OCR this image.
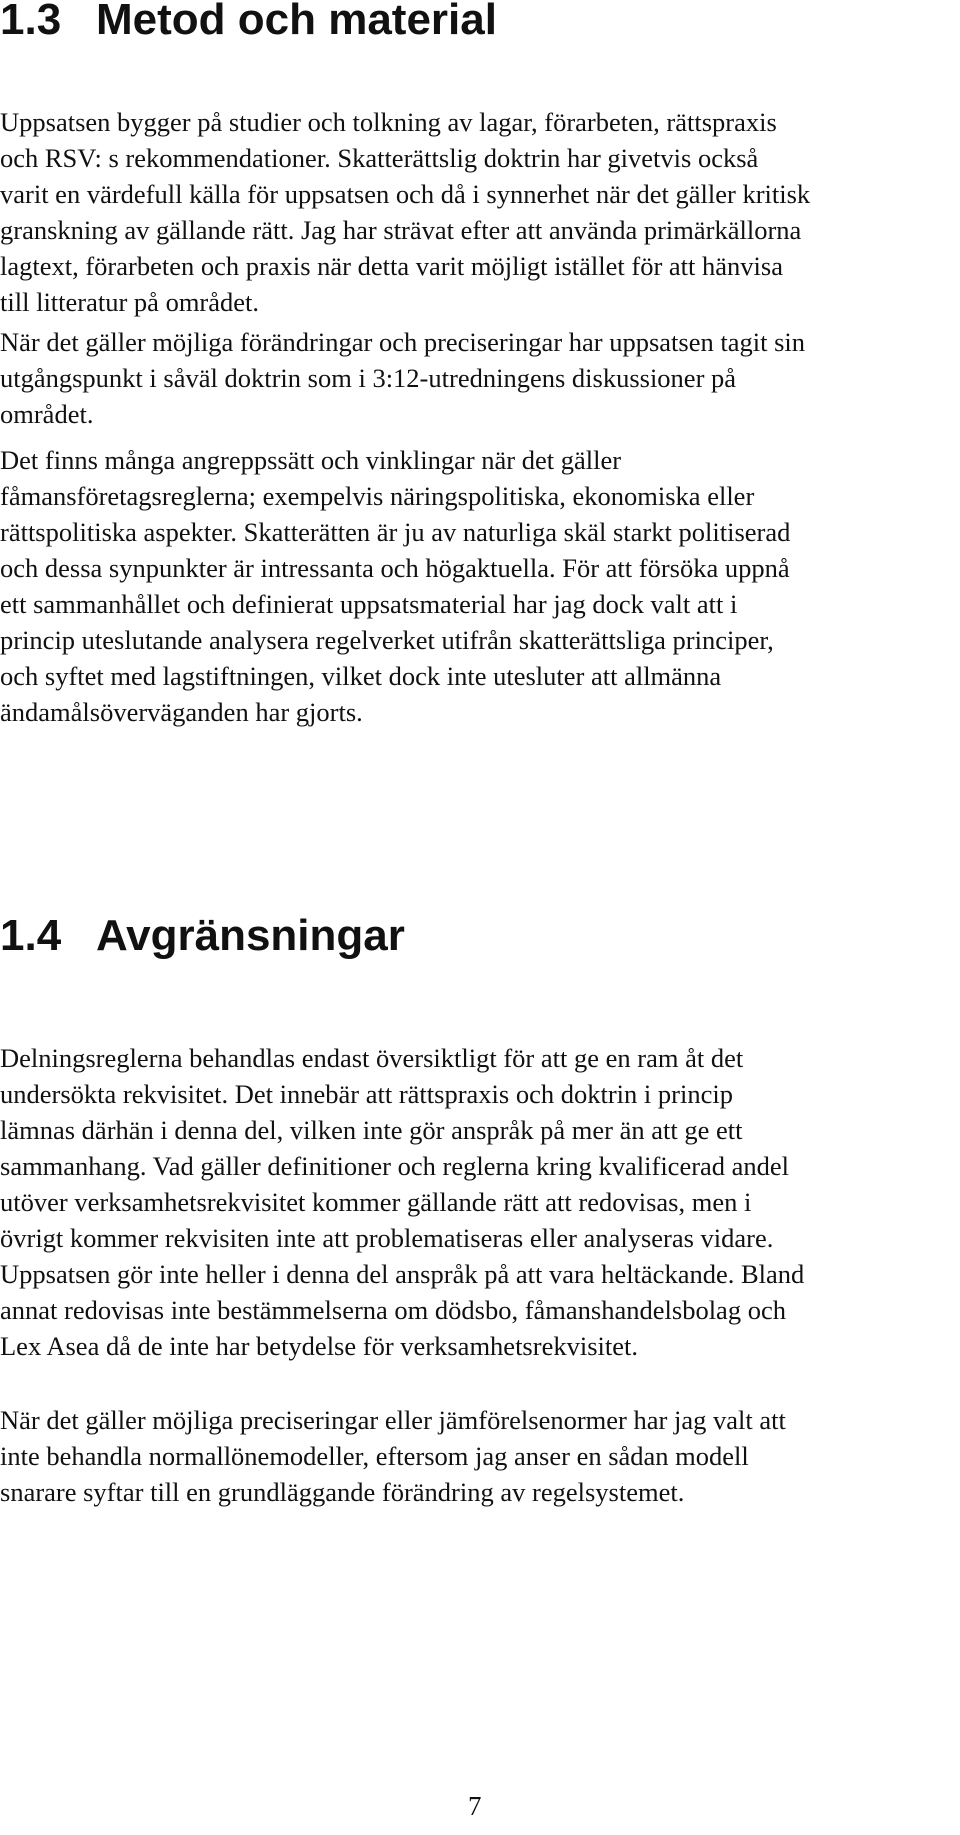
1.3 Metod och material

Uppsatsen bygger på studier och tolkning av lagar, förarbeten, rättspraxis
och RSV: s rekommendationer. Skatterättslig doktrin har givetvis också
varit en värdefull källa för uppsatsen och då i synnerhet när det gäller kritisk
granskning av gällande rätt. Jag har strävat efter att använda primärkällorna
lagtext, förarbeten och praxis när detta varit möjligt istället för att hänvisa
till litteratur på området.

När det gäller möjliga förändringar och preciseringar har uppsatsen tagit sin
utgångspunkt i såväl doktrin som i 3:12-utredningens diskussioner på
området.

Det finns många angreppssätt och vinklingar när det gäller
fåmansföretagsreglerna; exempelvis näringspolitiska, ekonomiska eller
rättspolitiska aspekter. Skatterätten är ju av naturliga skäl starkt politiserad
och dessa synpunkter är intressanta och högaktuella. För att försöka uppnå
ett sammanhållet och definierat uppsatsmaterial har jag dock valt att i
princip uteslutande analysera regelverket utifrån skatterättsliga principer,
och syftet med lagstiftningen, vilket dock inte utesluter att allmänna
ändamålsöverväganden har gjorts.

1.4 Avgränsningar

Delningsreglerna behandlas endast översiktligt för att ge en ram åt det
undersökta rekvisitet. Det innebär att rättspraxis och doktrin i princip
lämnas därhän i denna del, vilken inte gör anspråk på mer än att ge ett
sammanhang. Vad gäller definitioner och reglerna kring kvalificerad andel
utöver verksamhetsrekvisitet kommer gällande rätt att redovisas, men i
övrigt kommer rekvisiten inte att problematiseras eller analyseras vidare.
Uppsatsen gör inte heller i denna del anspråk på att vara heltäckande. Bland
annat redovisas inte bestämmelserna om dödsbo, fåmanshandelsbolag och
Lex Asea då de inte har betydelse för verksamhetsrekvisitet.

När det gäller möjliga preciseringar eller jämförelsenormer har jag valt att
inte behandla normallönemodeller, eftersom jag anser en sådan modell
snarare syftar till en grundläggande förändring av regelsystemet.

7
